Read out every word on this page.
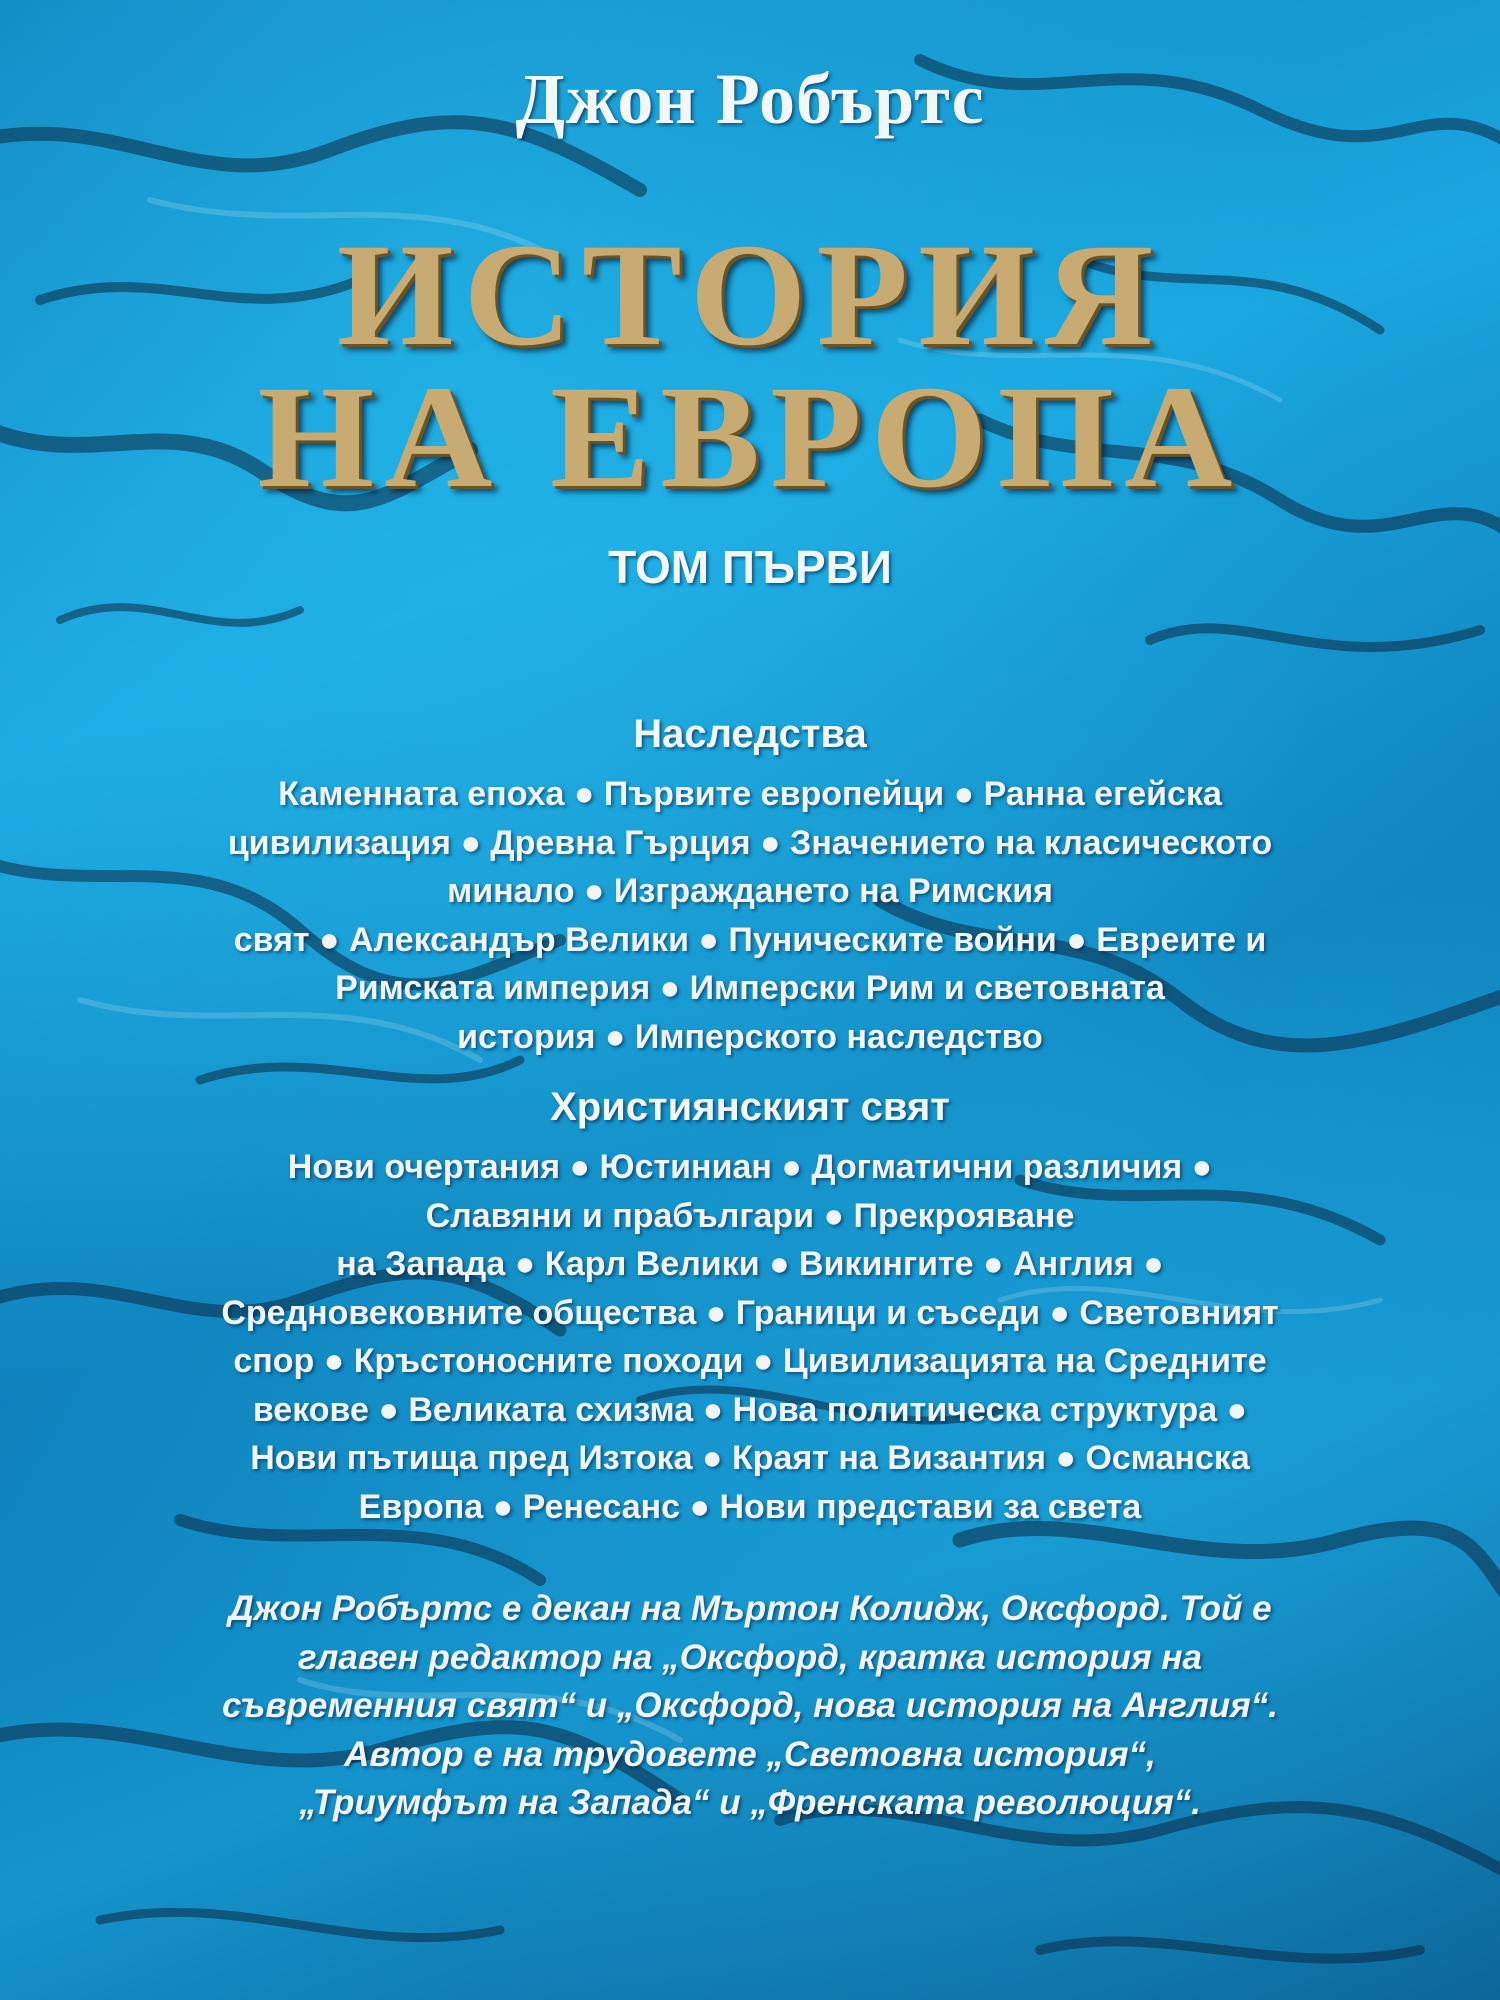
Джон Робъртс
ИСТОРИЯ
НА ЕВРОПА
ТОМ ПЪРВИ
Наследства
Каменната епоха ● Първите европейци ● Ранна егейска
цивилизация ● Древна Гърция ● Значението на класическото
минало ● Изграждането на Римския
свят ● Александър Велики ● Пуническите войни ● Евреите и
Римската империя ● Имперски Рим и световната
история ● Имперското наследство
Християнският свят
Нови очертания ● Юстиниан ● Догматични различия ●
Славяни и прабългари ● Прекрояване
на Запада ● Карл Велики ● Викингите ● Англия ●
Средновековните общества ● Граници и съседи ● Световният
спор ● Кръстоносните походи ● Цивилизацията на Средните
векове ● Великата схизма ● Нова политическа структура ●
Нови пътища пред Изтока ● Краят на Византия ● Османска
Европа ● Ренесанс ● Нови представи за света
Джон Робъртс е декан на Мъртон Колидж, Оксфорд. Той е
главен редактор на „Оксфорд, кратка история на
съвременния свят“ и „Оксфорд, нова история на Англия“.
Автор е на трудовете „Световна история“,
„Триумфът на Запада“ и „Френската революция“.
